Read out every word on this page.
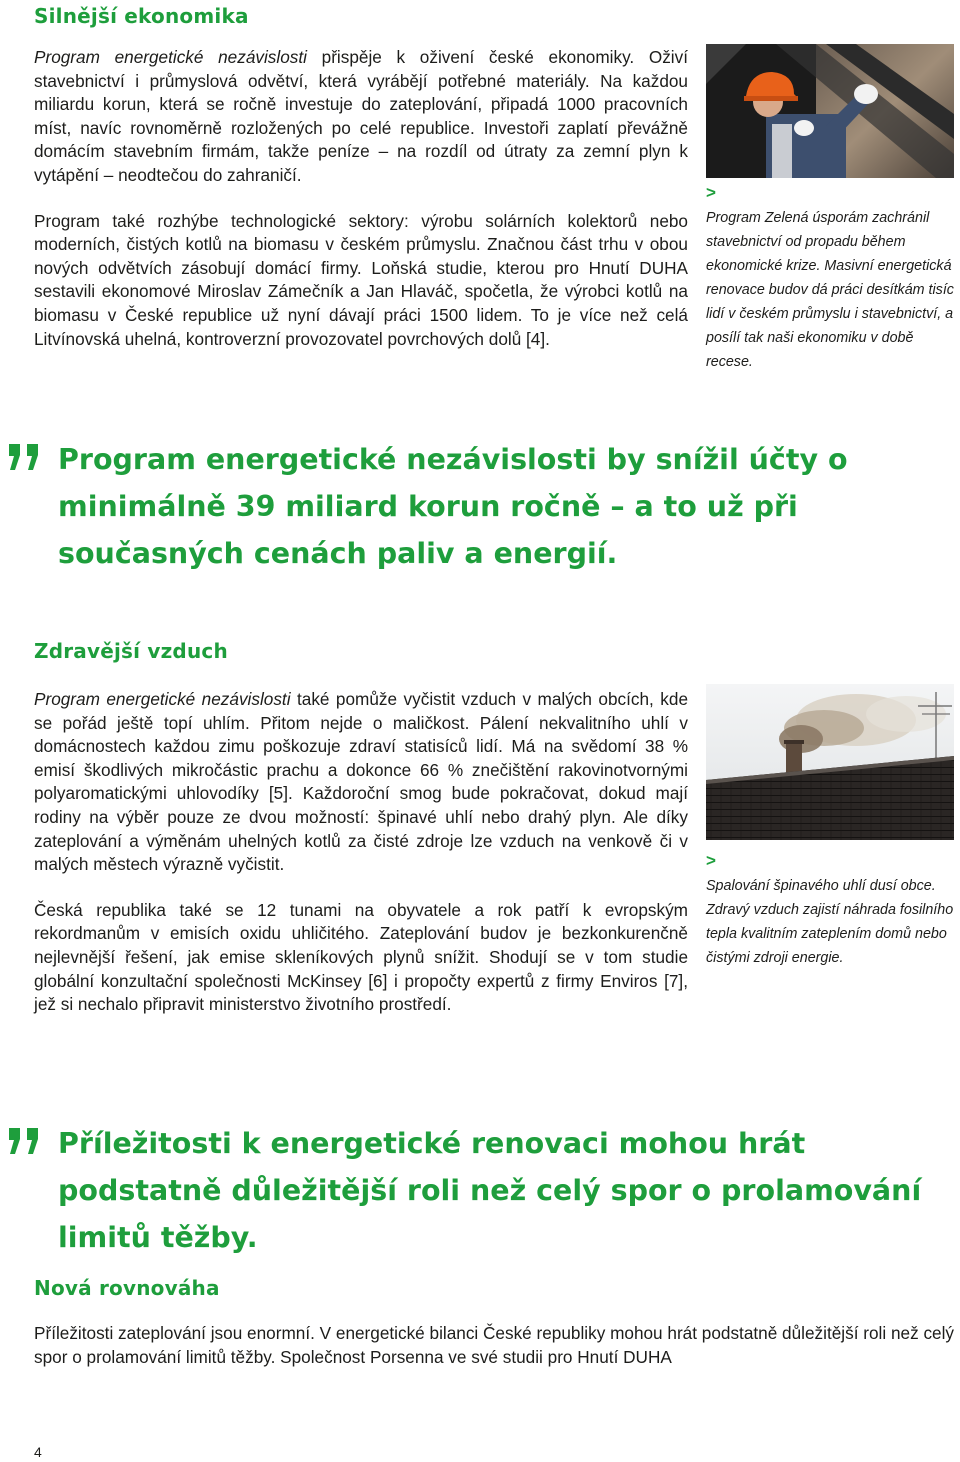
Silnější ekonomika

Program energetické nezávislosti přispěje k oživení české ekonomiky. Oživí stavebnictví i průmyslová odvětví, která vyrábějí potřebné materiály. Na každou miliardu korun, která se ročně investuje do zateplování, připadá 1000 pracovních míst, navíc rovnoměrně rozložených po celé republice. Investoři zaplatí převážně domácím stavebním firmám, takže peníze – na rozdíl od útraty za zemní plyn k vytápění – neodtečou do zahraničí.

Program také rozhýbe technologické sektory: výrobu solárních kolektorů nebo moderních, čistých kotlů na biomasu v českém průmyslu. Značnou část trhu v obou nových odvětvích zásobují domácí firmy. Loňská studie, kterou pro Hnutí DUHA sestavili ekonomové Miroslav Zámečník a Jan Hlaváč, spočetla, že výrobci kotlů na biomasu v České republice už nyní dávají práci 1500 lidem. To je více než celá Litvínovská uhelná, kontroverzní provozovatel povrchových dolů [4].

>
Program Zelená úsporám zachránil stavebnictví od propadu během ekonomické krize. Masivní energetická renovace budov dá práci desítkám tisíc lidí v českém průmyslu i stavebnictví, a posílí tak naši ekonomiku v době recese.

Program energetické nezávislosti by snížil účty o minimálně 39 miliard korun ročně – a to už při současných cenách paliv a energií.

Zdravější vzduch

Program energetické nezávislosti také pomůže vyčistit vzduch v malých obcích, kde se pořád ještě topí uhlím. Přitom nejde o maličkost. Pálení nekvalitního uhlí v domácnostech každou zimu poškozuje zdraví statisíců lidí. Má na svědomí 38 % emisí škodlivých mikročástic prachu a dokonce 66 % znečištění rakovinotvornými polyaromatickými uhlovodíky [5]. Každoroční smog bude pokračovat, dokud mají rodiny na výběr pouze ze dvou možností: špinavé uhlí nebo drahý plyn. Ale díky zateplování a výměnám uhelných kotlů za čisté zdroje lze vzduch na venkově či v malých městech výrazně vyčistit.

Česká republika také se 12 tunami na obyvatele a rok patří k evropským rekordmanům v emisích oxidu uhličitého. Zateplování budov je bezkonkurenčně nejlevnější řešení, jak emise skleníkových plynů snížit. Shodují se v tom studie globální konzultační společnosti McKinsey [6] i propočty expertů z firmy Enviros [7], jež si nechalo připravit ministerstvo životního prostředí.

>
Spalování špinavého uhlí dusí obce. Zdravý vzduch zajistí náhrada fosilního tepla kvalitním zateplením domů nebo čistými zdroji energie.

Příležitosti k energetické renovaci mohou hrát podstatně důležitější roli než celý spor o prolamování limitů těžby.

Nová rovnováha

Příležitosti zateplování jsou enormní. V energetické bilanci České republiky mohou hrát podstatně důležitější roli než celý spor o prolamování limitů těžby. Společnost Porsenna ve své studii pro Hnutí DUHA

4
